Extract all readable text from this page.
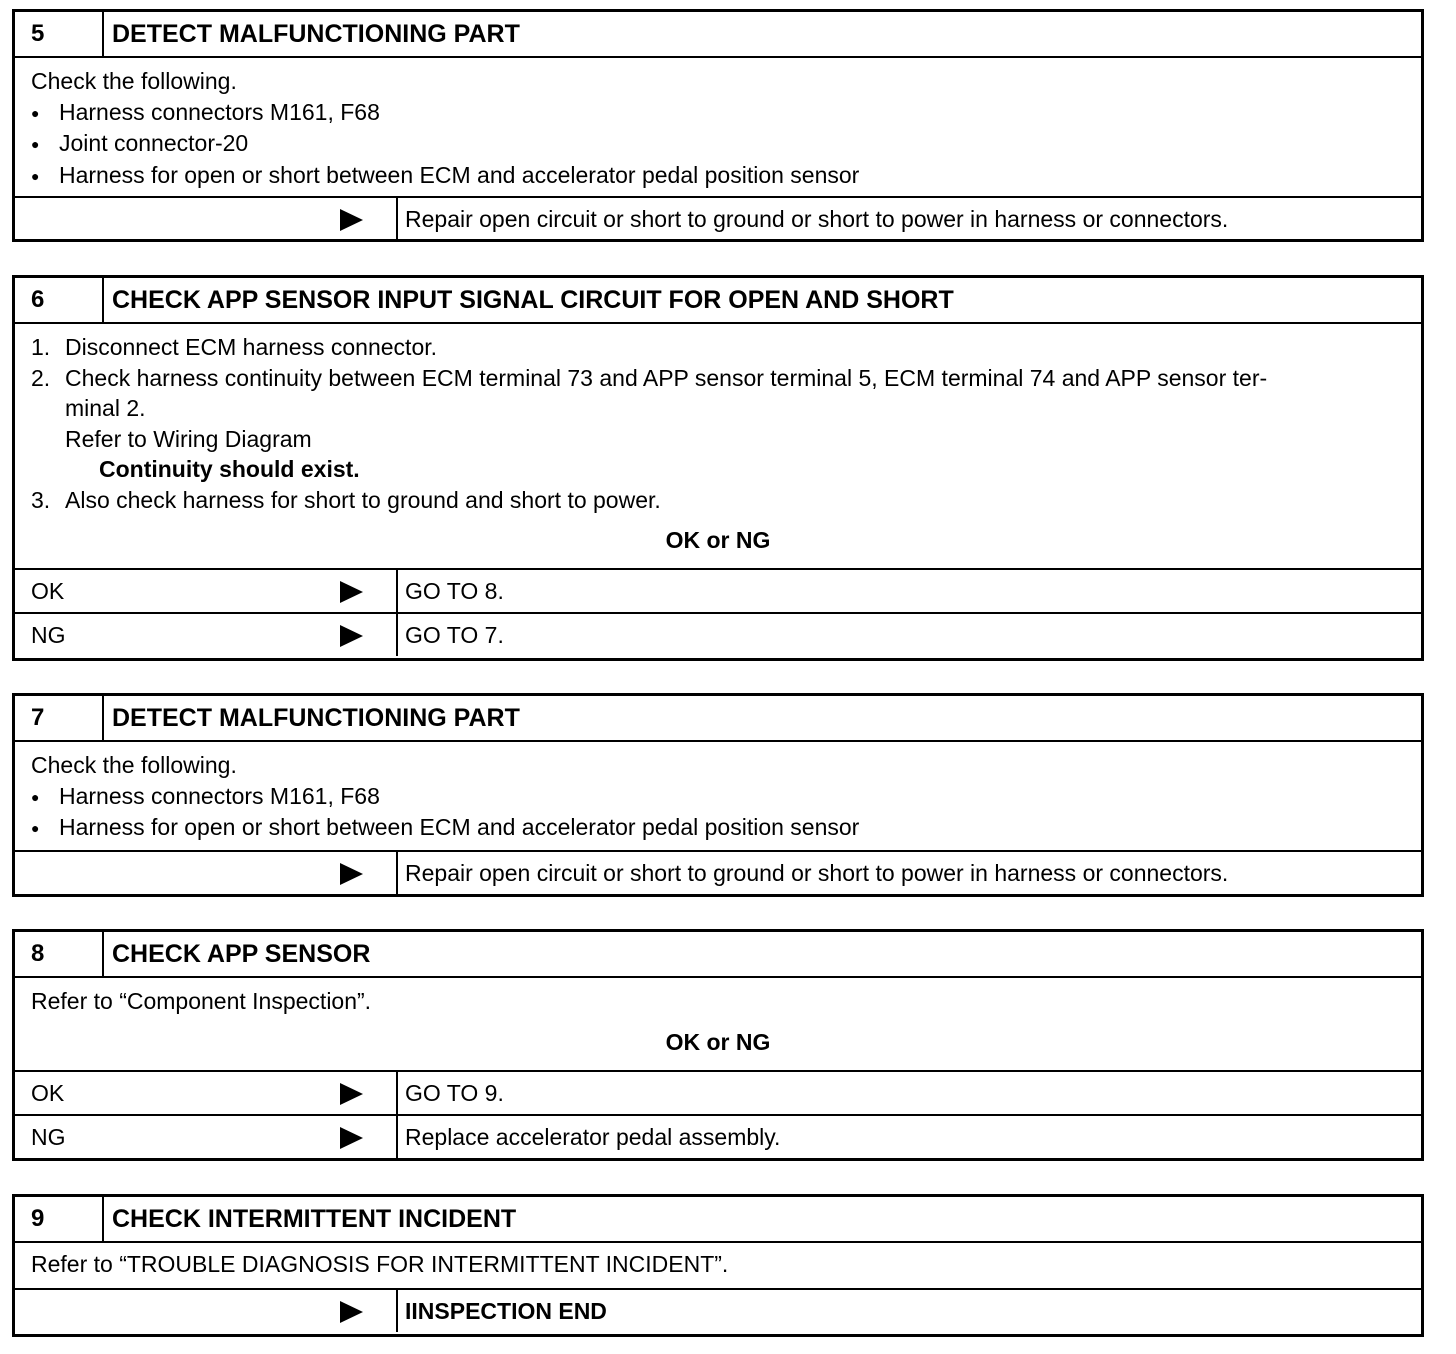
5	DETECT MALFUNCTIONING PART
Check the following.
● Harness connectors M161, F68
● Joint connector-20
● Harness for open or short between ECM and accelerator pedal position sensor
Repair open circuit or short to ground or short to power in harness or connectors.
6	CHECK APP SENSOR INPUT SIGNAL CIRCUIT FOR OPEN AND SHORT
1. Disconnect ECM harness connector.
2. Check harness continuity between ECM terminal 73 and APP sensor terminal 5, ECM terminal 74 and APP sensor ter-
minal 2.
Refer to Wiring Diagram
Continuity should exist.
3. Also check harness for short to ground and short to power.
OK or NG
OK	GO TO 8.
NG	GO TO 7.
7	DETECT MALFUNCTIONING PART
Check the following.
● Harness connectors M161, F68
● Harness for open or short between ECM and accelerator pedal position sensor
Repair open circuit or short to ground or short to power in harness or connectors.
8	CHECK APP SENSOR
Refer to “Component Inspection”.
OK or NG
OK	GO TO 9.
NG	Replace accelerator pedal assembly.
9	CHECK INTERMITTENT INCIDENT
Refer to “TROUBLE DIAGNOSIS FOR INTERMITTENT INCIDENT”.
IINSPECTION END
